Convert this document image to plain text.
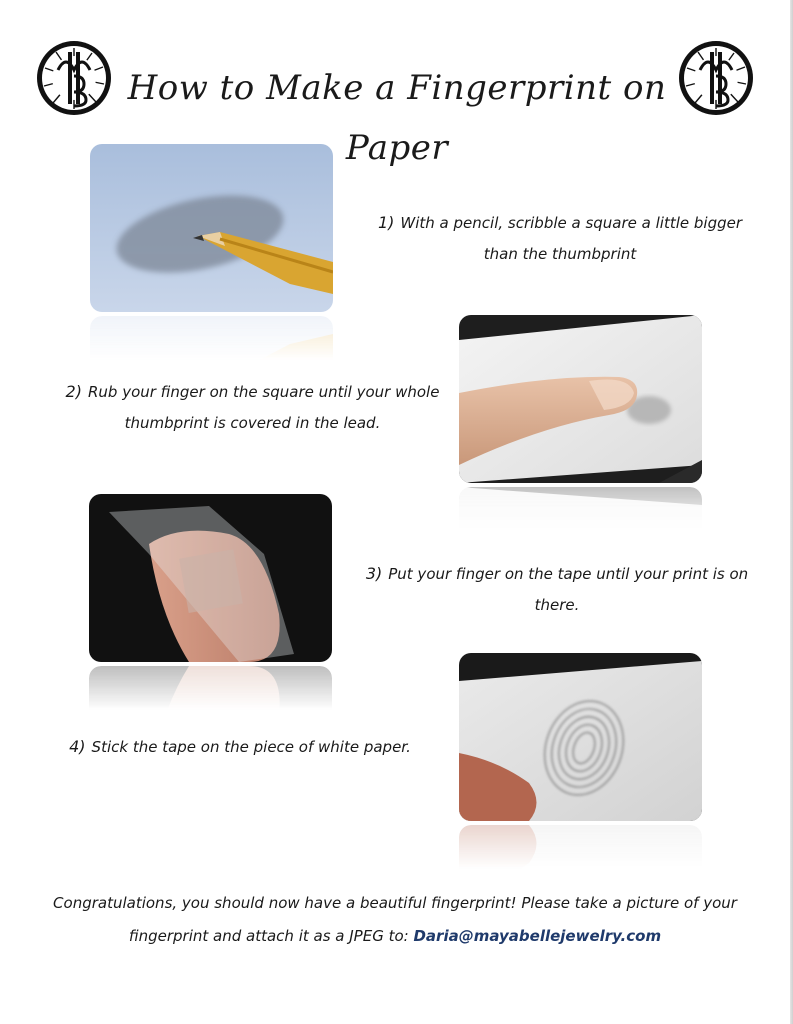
How to Make a Fingerprint on Paper
1) With a pencil, scribble a square a little bigger
than the thumbprint
2) Rub your finger on the square until your whole
thumbprint is covered in the lead.
3) Put your finger on the tape until your print is on
there.
4) Stick the tape on the piece of white paper.
Congratulations, you should now have a beautiful fingerprint! Please take a picture of your
fingerprint and attach it as a JPEG to: Daria@mayabellejewelry.com
